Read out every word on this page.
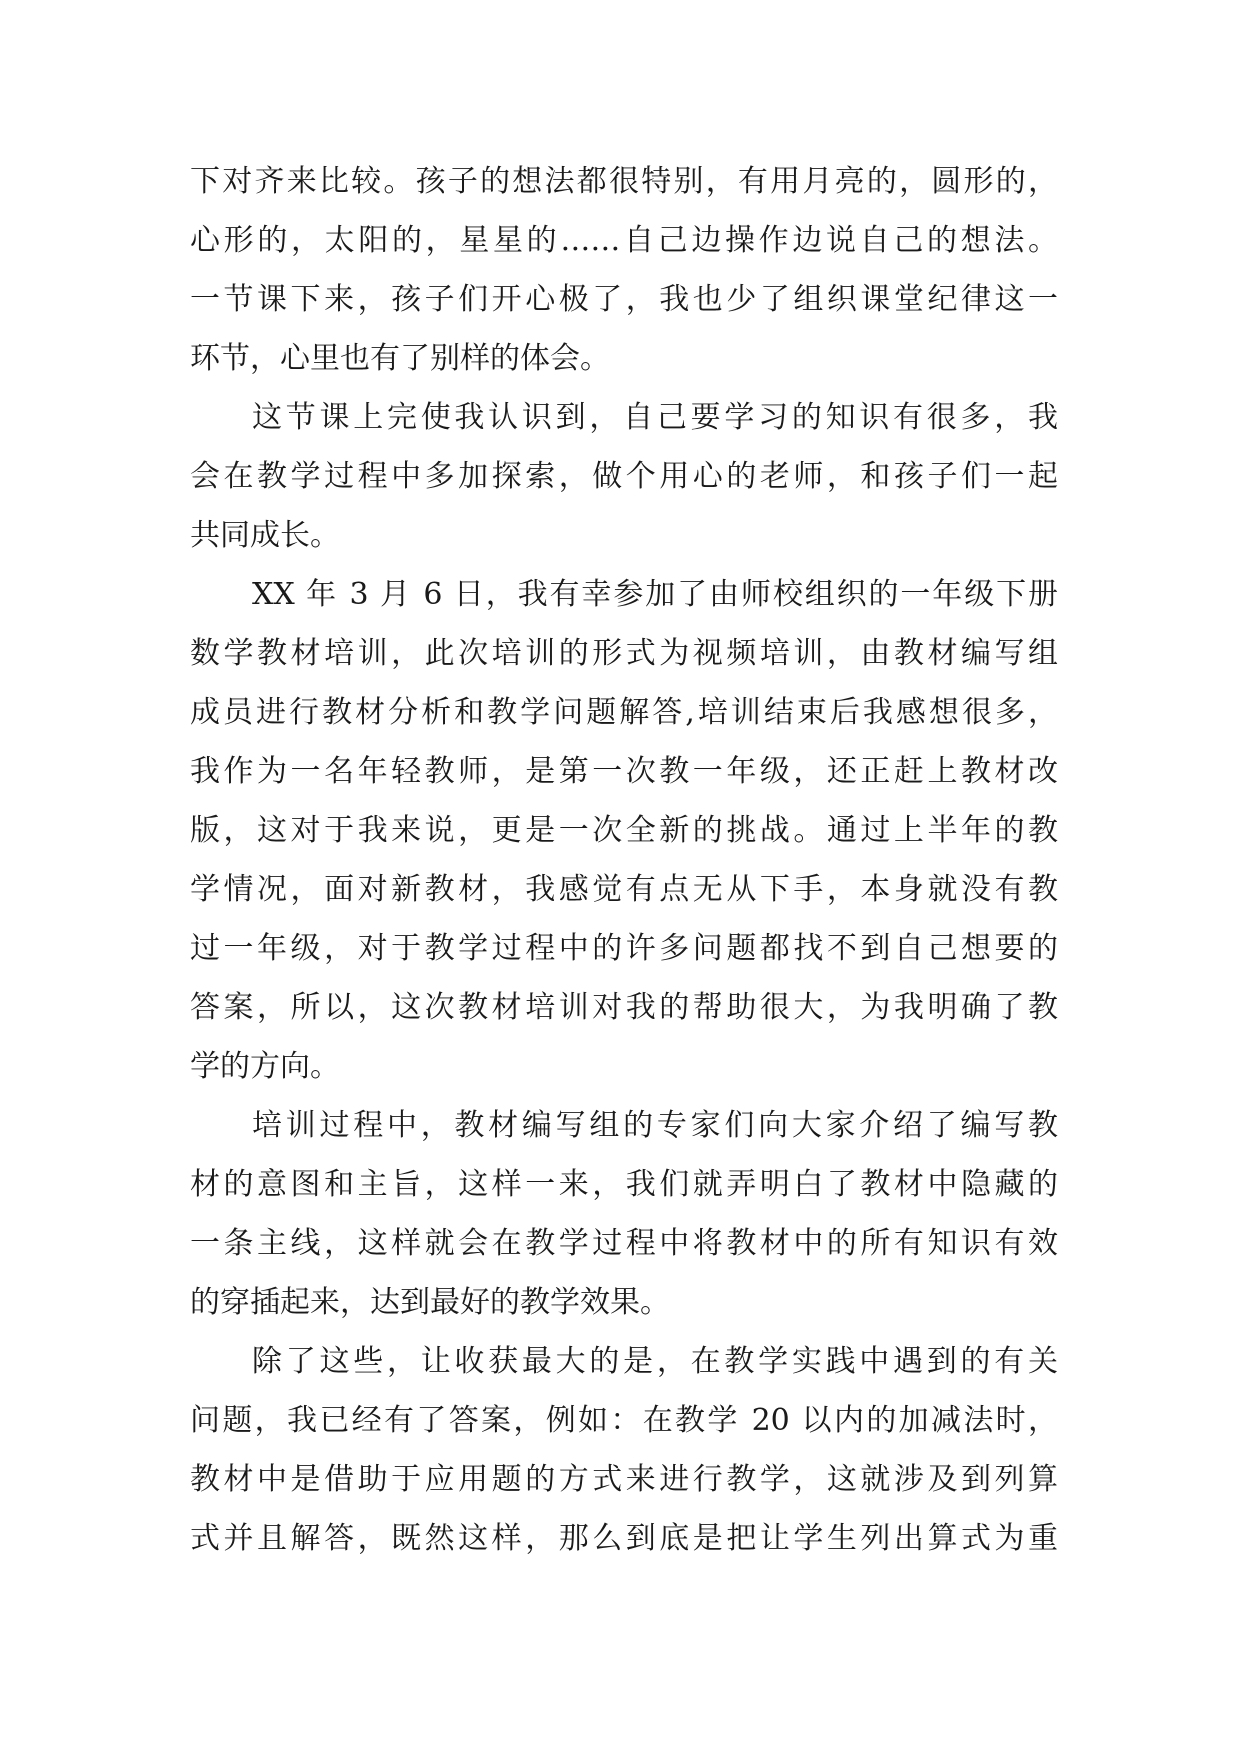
下对齐来比较。孩子的想法都很特别，有用月亮的，圆形的，
心形的，太阳的，星星的……自己边操作边说自己的想法。
一节课下来，孩子们开心极了，我也少了组织课堂纪律这一
环节，心里也有了别样的体会。
这节课上完使我认识到，自己要学习的知识有很多，我
会在教学过程中多加探索，做个用心的老师，和孩子们一起
共同成长。
XX 年 3 月 6 日，我有幸参加了由师校组织的一年级下册
数学教材培训，此次培训的形式为视频培训，由教材编写组
成员进行教材分析和教学问题解答,培训结束后我感想很多，
我作为一名年轻教师，是第一次教一年级，还正赶上教材改
版，这对于我来说，更是一次全新的挑战。通过上半年的教
学情况，面对新教材，我感觉有点无从下手，本身就没有教
过一年级，对于教学过程中的许多问题都找不到自己想要的
答案，所以，这次教材培训对我的帮助很大，为我明确了教
学的方向。
培训过程中，教材编写组的专家们向大家介绍了编写教
材的意图和主旨，这样一来，我们就弄明白了教材中隐藏的
一条主线，这样就会在教学过程中将教材中的所有知识有效
的穿插起来，达到最好的教学效果。
除了这些，让收获最大的是，在教学实践中遇到的有关
问题，我已经有了答案，例如：在教学 20 以内的加减法时，
教材中是借助于应用题的方式来进行教学，这就涉及到列算
式并且解答，既然这样，那么到底是把让学生列出算式为重
